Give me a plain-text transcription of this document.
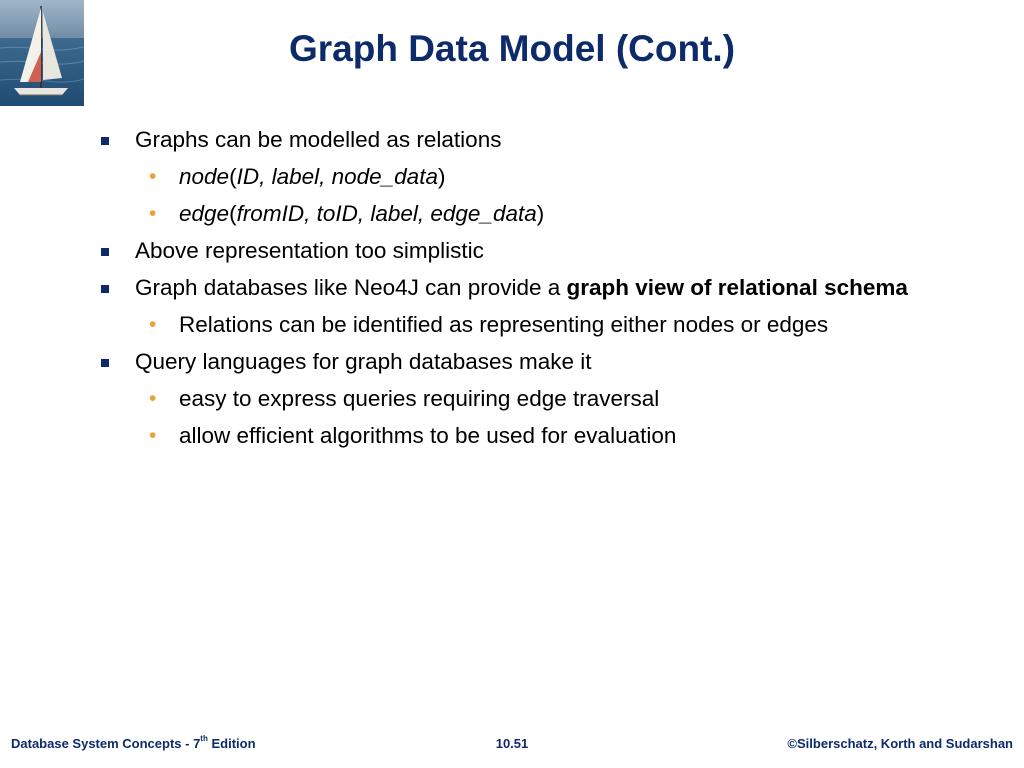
Graph Data Model (Cont.)
Graphs can be modelled as relations
• node(ID, label, node_data)
• edge(fromID, toID, label, edge_data)
Above representation too simplistic
Graph databases like Neo4J can provide a graph view of relational schema
• Relations can be identified as representing either nodes or edges
Query languages for graph databases make it
• easy to express queries requiring edge traversal
• allow efficient algorithms to be used for evaluation
Database System Concepts - 7th Edition	10.51	©Silberschatz, Korth and Sudarshan
